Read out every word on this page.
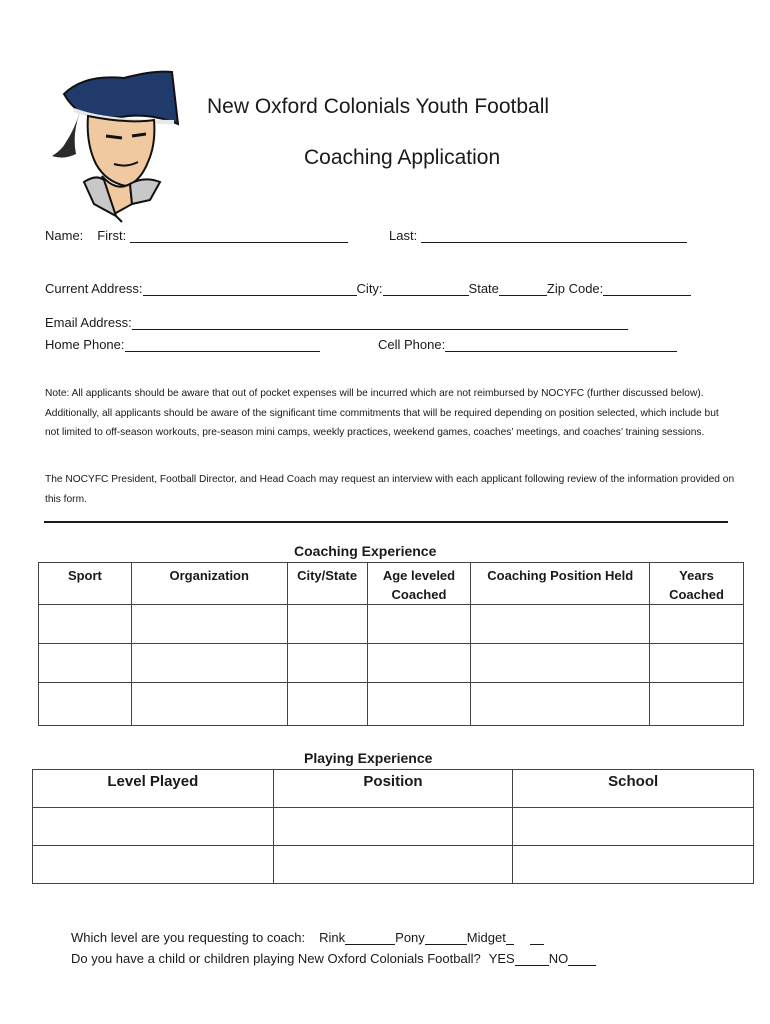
New Oxford Colonials Youth Football
Coaching Application
Name: First:	Last:
Current Address:	City:	State	Zip Code:
Email Address:
Home Phone:	Cell Phone:
Note: All applicants should be aware that out of pocket expenses will be incurred which are not reimbursed by NOCYFC (further discussed below). Additionally, all applicants should be aware of the significant time commitments that will be required depending on position selected, which include but not limited to off-season workouts, pre-season mini camps, weekly practices, weekend games, coaches’ meetings, and coaches’ training sessions.
The NOCYFC President, Football Director, and Head Coach may request an interview with each applicant following review of the information provided on this form.
Coaching Experience
Sport	Organization	City/State	Age leveled Coached	Coaching Position Held	Years Coached

Playing Experience
Level Played	Position	School

Which level are you requesting to coach: Rink	Pony	Midget
Do you have a child or children playing New Oxford Colonials Football? YES	NO
